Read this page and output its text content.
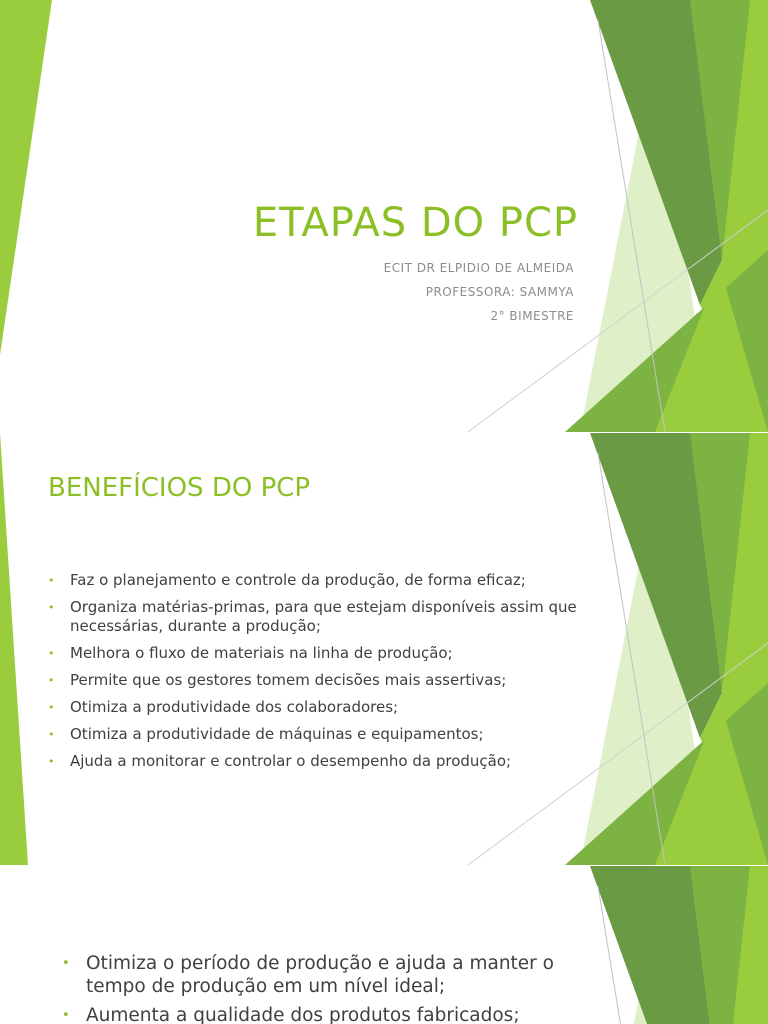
ETAPAS DO PCP
ECIT DR ELPIDIO DE ALMEIDA
PROFESSORA: SAMMYA
2° BIMESTRE
BENEFÍCIOS DO PCP
• Faz o planejamento e controle da produção, de forma eficaz;
• Organiza matérias-primas, para que estejam disponíveis assim que necessárias, durante a produção;
• Melhora o fluxo de materiais na linha de produção;
• Permite que os gestores tomem decisões mais assertivas;
• Otimiza a produtividade dos colaboradores;
• Otimiza a produtividade de máquinas e equipamentos;
• Ajuda a monitorar e controlar o desempenho da produção;
• Otimiza o período de produção e ajuda a manter o tempo de produção em um nível ideal;
• Aumenta a qualidade dos produtos fabricados;
